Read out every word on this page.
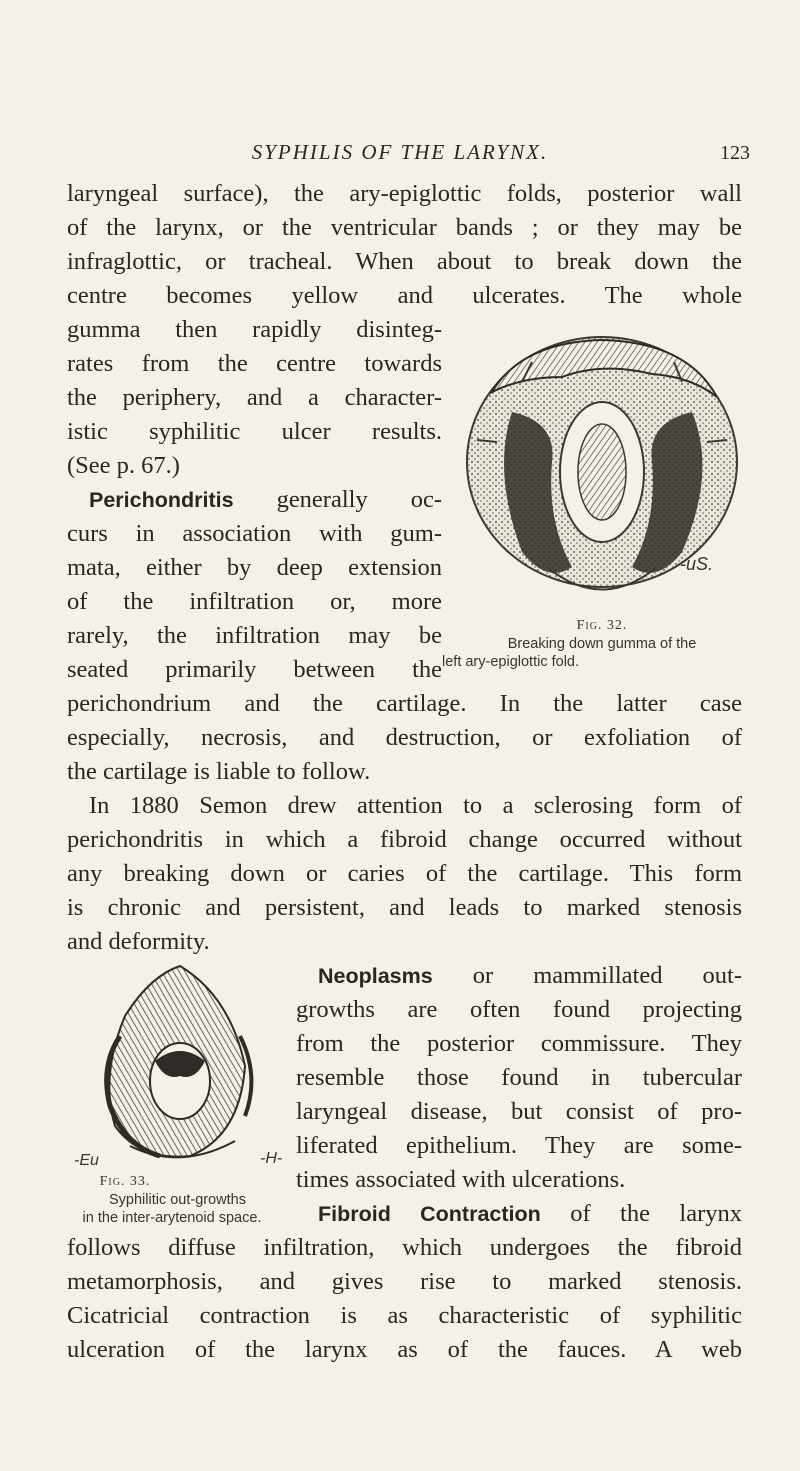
SYPHILIS OF THE LARYNX.	123
laryngeal surface), the ary-epiglottic folds, posterior wall
of the larynx, or the ventricular bands ; or they may be
infraglottic, or tracheal. When about to break down the
centre becomes yellow and ulcerates. The whole
gumma then rapidly disinteg-
rates from the centre towards
the periphery, and a character-
istic syphilitic ulcer results.
(See p. 67.)
Perichondritis generally oc-
curs in association with gum-
mata, either by deep extension
of the infiltration or, more
rarely, the infiltration may be
seated primarily between the
-uS.
Fig. 32.
Breaking down gumma of the
left ary-epiglottic fold.
perichondrium and the cartilage. In the latter case
especially, necrosis, and destruction, or exfoliation of
the cartilage is liable to follow.
In 1880 Semon drew attention to a sclerosing form of
perichondritis in which a fibroid change occurred without
any breaking down or caries of the cartilage. This form
is chronic and persistent, and leads to marked stenosis
and deformity.
-Eu	-H-
Fig. 33.
Syphilitic out-growths
in the inter-arytenoid space.
Neoplasms or mammillated out-
growths are often found projecting
from the posterior commissure. They
resemble those found in tubercular
laryngeal disease, but consist of pro-
liferated epithelium. They are some-
times associated with ulcerations.
Fibroid Contraction of the larynx
follows diffuse infiltration, which undergoes the fibroid
metamorphosis, and gives rise to marked stenosis.
Cicatricial contraction is as characteristic of syphilitic
ulceration of the larynx as of the fauces. A web
